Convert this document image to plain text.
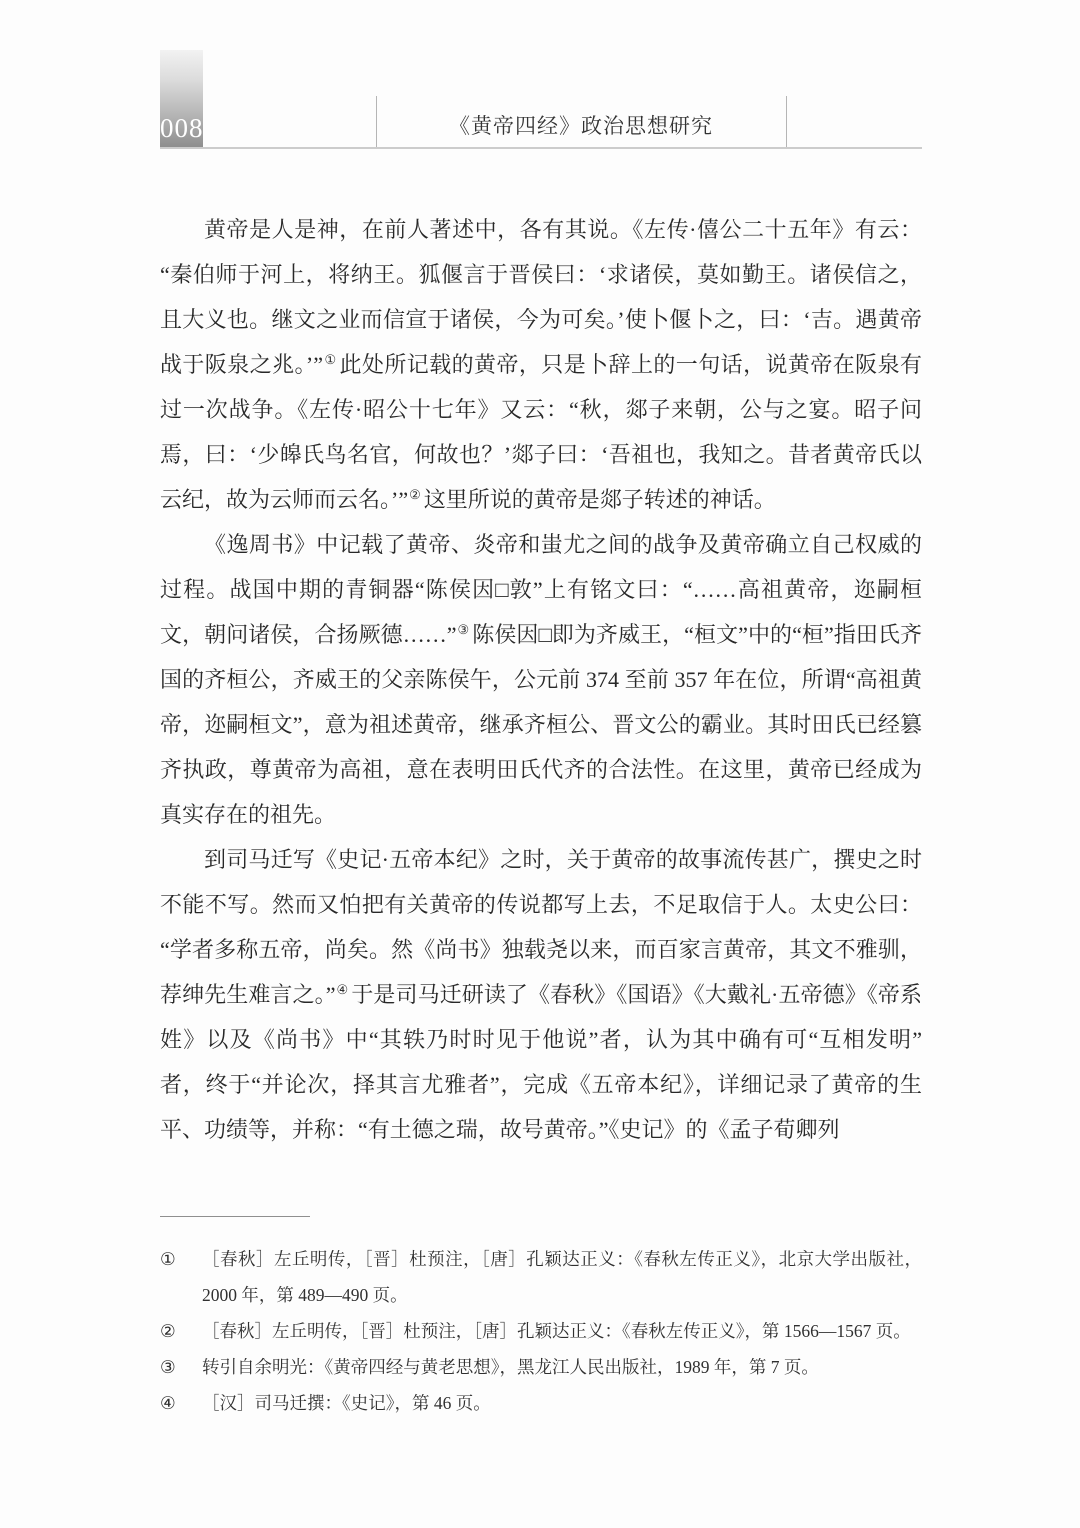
008	《黄帝四经》政治思想研究

黄帝是人是神，在前人著述中，各有其说。《左传·僖公二十五年》有云：“秦伯师于河上，将纳王。狐偃言于晋侯曰：‘求诸侯，莫如勤王。诸侯信之，且大义也。继文之业而信宣于诸侯，今为可矣。’使卜偃卜之，曰：‘吉。遇黄帝战于阪泉之兆。’”① 此处所记载的黄帝，只是卜辞上的一句话，说黄帝在阪泉有过一次战争。《左传·昭公十七年》又云：“秋，郯子来朝，公与之宴。昭子问焉，曰：‘少皞氏鸟名官，何故也？’郯子曰：‘吾祖也，我知之。昔者黄帝氏以云纪，故为云师而云名。’”② 这里所说的黄帝是郯子转述的神话。

《逸周书》中记载了黄帝、炎帝和蚩尤之间的战争及黄帝确立自己权威的过程。战国中期的青铜器“陈侯因□敦”上有铭文曰：“……高祖黄帝，迩嗣桓文，朝问诸侯，合扬厥德……”③ 陈侯因□即为齐威王，“桓文”中的“桓”指田氏齐国的齐桓公，齐威王的父亲陈侯午，公元前 374 至前 357 年在位，所谓“高祖黄帝，迩嗣桓文”，意为祖述黄帝，继承齐桓公、晋文公的霸业。其时田氏已经篡齐执政，尊黄帝为高祖，意在表明田氏代齐的合法性。在这里，黄帝已经成为真实存在的祖先。

到司马迁写《史记·五帝本纪》之时，关于黄帝的故事流传甚广，撰史之时不能不写。然而又怕把有关黄帝的传说都写上去，不足取信于人。太史公曰：“学者多称五帝，尚矣。然《尚书》独载尧以来，而百家言黄帝，其文不雅驯，荐绅先生难言之。”④ 于是司马迁研读了《春秋》《国语》《大戴礼·五帝德》《帝系姓》以及《尚书》中“其轶乃时时见于他说”者，认为其中确有可“互相发明”者，终于“并论次，择其言尤雅者”，完成《五帝本纪》，详细记录了黄帝的生平、功绩等，并称：“有土德之瑞，故号黄帝。”《史记》的《孟子荀卿列

①	［春秋］左丘明传，［晋］杜预注，［唐］孔颖达正义：《春秋左传正义》，北京大学出版社，2000 年，第 489—490 页。
②	［春秋］左丘明传，［晋］杜预注，［唐］孔颖达正义：《春秋左传正义》，第 1566—1567 页。
③	转引自余明光：《黄帝四经与黄老思想》，黑龙江人民出版社，1989 年，第 7 页。
④	［汉］司马迁撰：《史记》，第 46 页。
